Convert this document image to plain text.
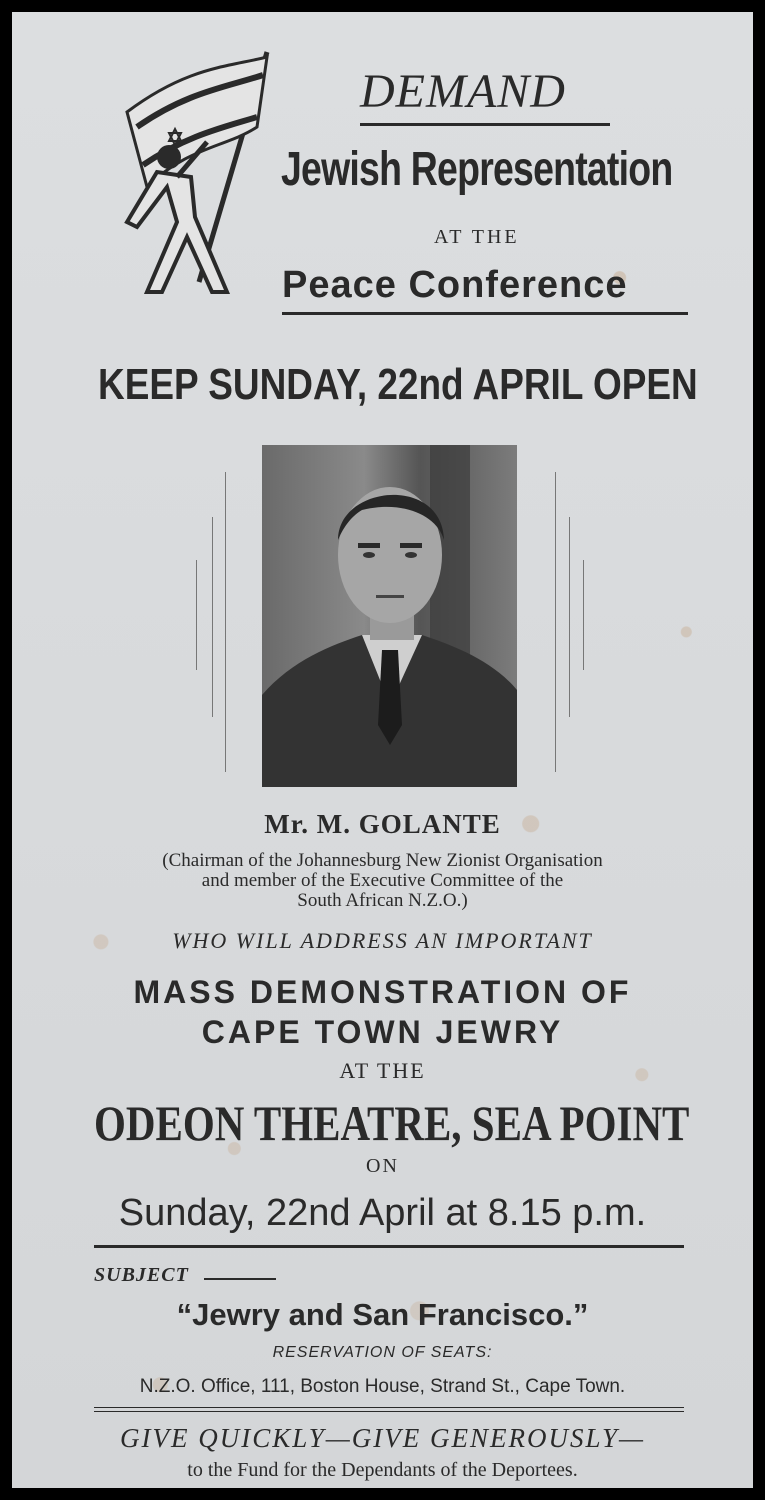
DEMAND
Jewish Representation
AT THE
Peace Conference
KEEP SUNDAY, 22nd APRIL OPEN
Mr. M. GOLANTE
(Chairman of the Johannesburg New Zionist Organisation
and member of the Executive Committee of the
South African N.Z.O.)
WHO WILL ADDRESS AN IMPORTANT
MASS DEMONSTRATION OF
CAPE TOWN JEWRY
AT THE
ODEON THEATRE, SEA POINT
ON
Sunday, 22nd April at 8.15 p.m.
SUBJECT
“Jewry and San Francisco.”
RESERVATION OF SEATS:
N.Z.O. Office, 111, Boston House, Strand St., Cape Town.
GIVE QUICKLY—GIVE GENEROUSLY—
to the Fund for the Dependants of the Deportees.
